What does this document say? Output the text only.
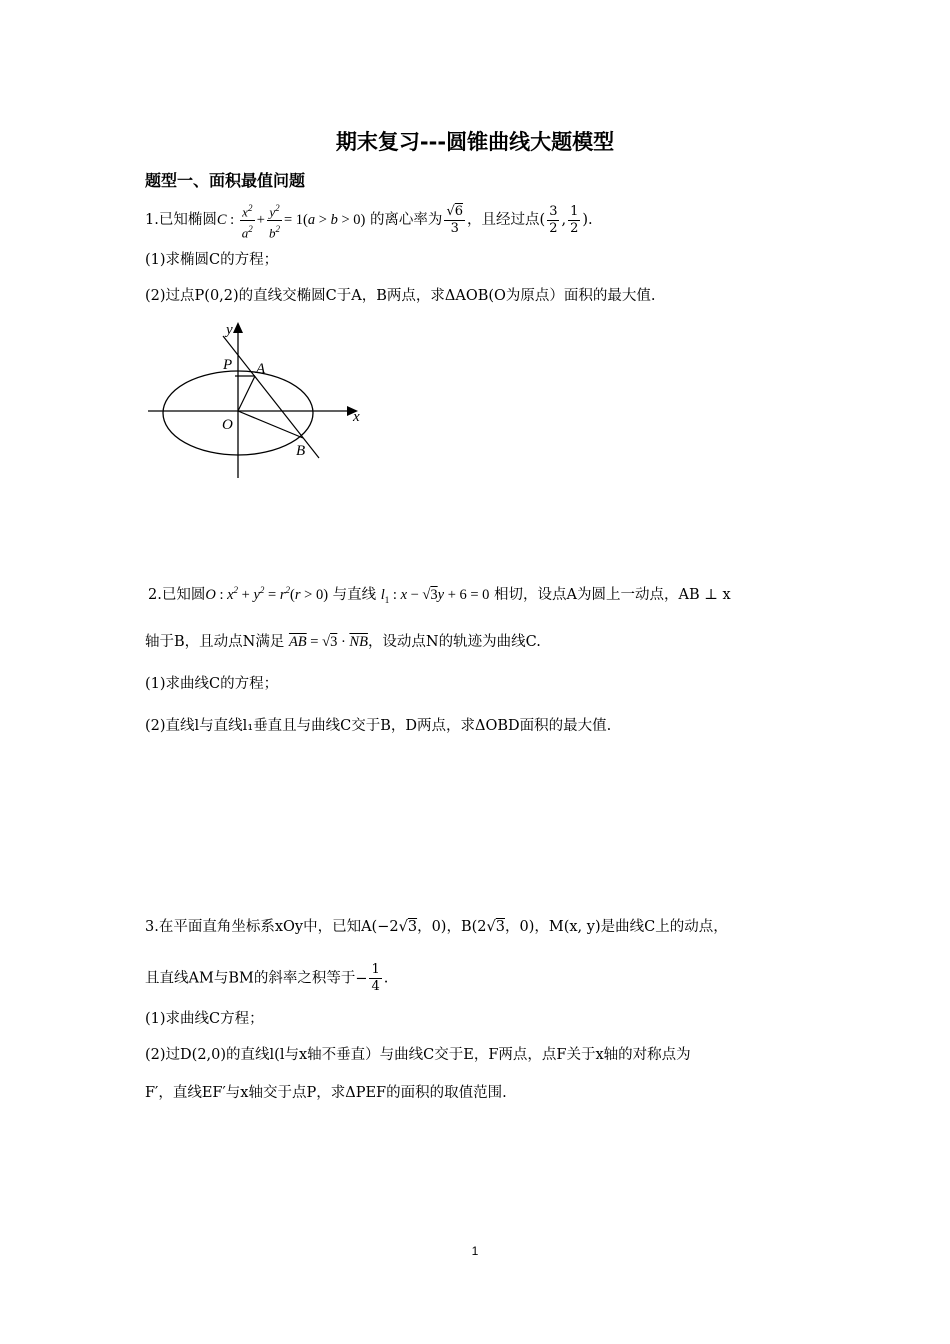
期末复习---圆锥曲线大题模型
题型一、面积最值问题
1.已知椭圆C : $\frac{x^2}{a^2} + \frac{y^2}{b^2} = 1(a > b > 0)$ 的离心率为 $\frac{√6}{3}$ ，且经过点( $\frac{3}{2}$ , $\frac{1}{2}$ ).
(1)求椭圆C的方程；
(2)过点P(0,2)的直线交椭圆C于A，B两点，求ΔAOB(O为原点）面积的最大值.
y
x
P A
O
B
2.已知圆O : $x^2 + y^2 = r^2(r > 0)$ 与直线 $l_1$ : x − √3y + 6 = 0 相切，设点A为圆上一动点，AB ⊥ x
轴于B，且动点N满足 $\overline{AB} = √3 \cdot \overline{NB}$，设动点N的轨迹为曲线C.
(1)求曲线C的方程；
(2)直线l与直线l₁垂直且与曲线C交于B，D两点，求ΔOBD面积的最大值.
3.在平面直角坐标系xOy中，已知A(−2√3，0)，B(2√3，0)，M(x, y)是曲线C上的动点，
且直线AM与BM的斜率之积等于− $\frac{1}{4}$ .
(1)求曲线C方程；
(2)过D(2,0)的直线l(l与x轴不垂直）与曲线C交于E，F两点，点F关于x轴的对称点为
F′，直线EF′与x轴交于点P，求ΔPEF的面积的取值范围.
1
